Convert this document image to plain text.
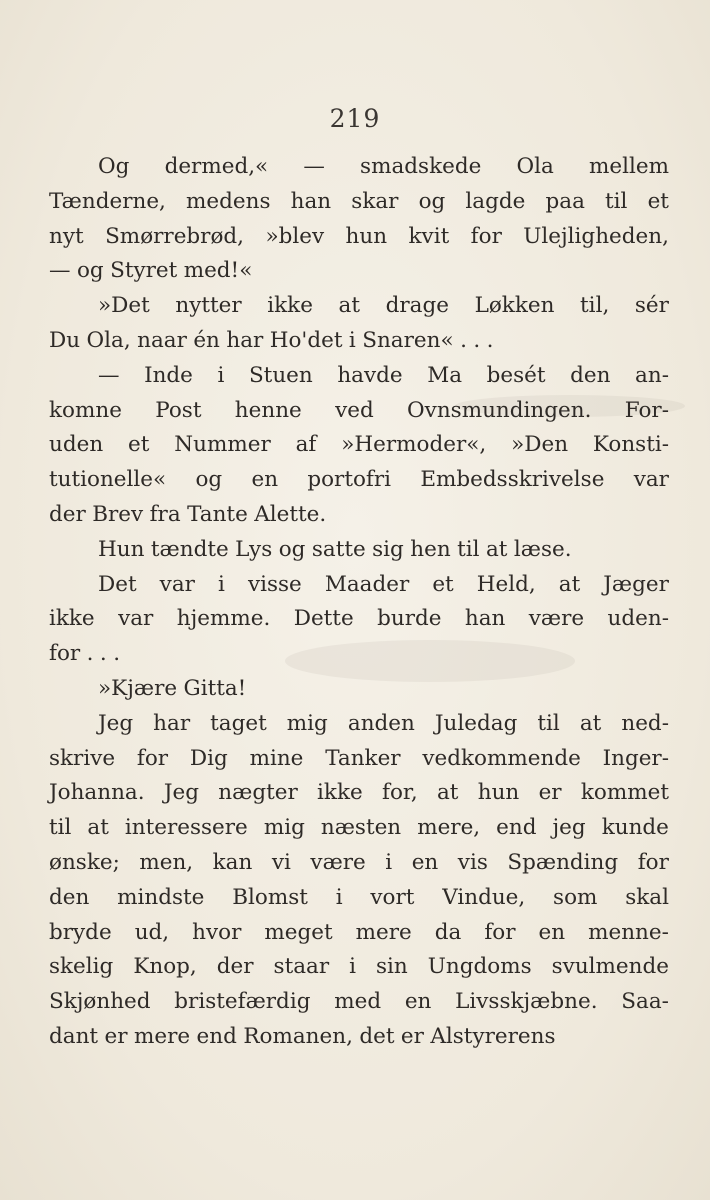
219
Og dermed,« — smadskede Ola mellem
Tænderne, medens han skar og lagde paa til et
nyt Smørrebrød, »blev hun kvit for Ulejligheden,
— og Styret med!«
»Det nytter ikke at drage Løkken til, sér
Du Ola, naar én har Ho'det i Snaren« . . .
— Inde i Stuen havde Ma besét den an-
komne Post henne ved Ovnsmundingen. For-
uden et Nummer af »Hermoder«, »Den Konsti-
tutionelle« og en portofri Embedsskrivelse var
der Brev fra Tante Alette.
Hun tændte Lys og satte sig hen til at læse.
Det var i visse Maader et Held, at Jæger
ikke var hjemme. Dette burde han være uden-
for . . .
»Kjære Gitta!
Jeg har taget mig anden Juledag til at ned-
skrive for Dig mine Tanker vedkommende Inger-
Johanna. Jeg nægter ikke for, at hun er kommet
til at interessere mig næsten mere, end jeg kunde
ønske; men, kan vi være i en vis Spænding for
den mindste Blomst i vort Vindue, som skal
bryde ud, hvor meget mere da for en menne-
skelig Knop, der staar i sin Ungdoms svulmende
Skjønhed bristefærdig med en Livsskjæbne. Saa-
dant er mere end Romanen, det er Alstyrerens
